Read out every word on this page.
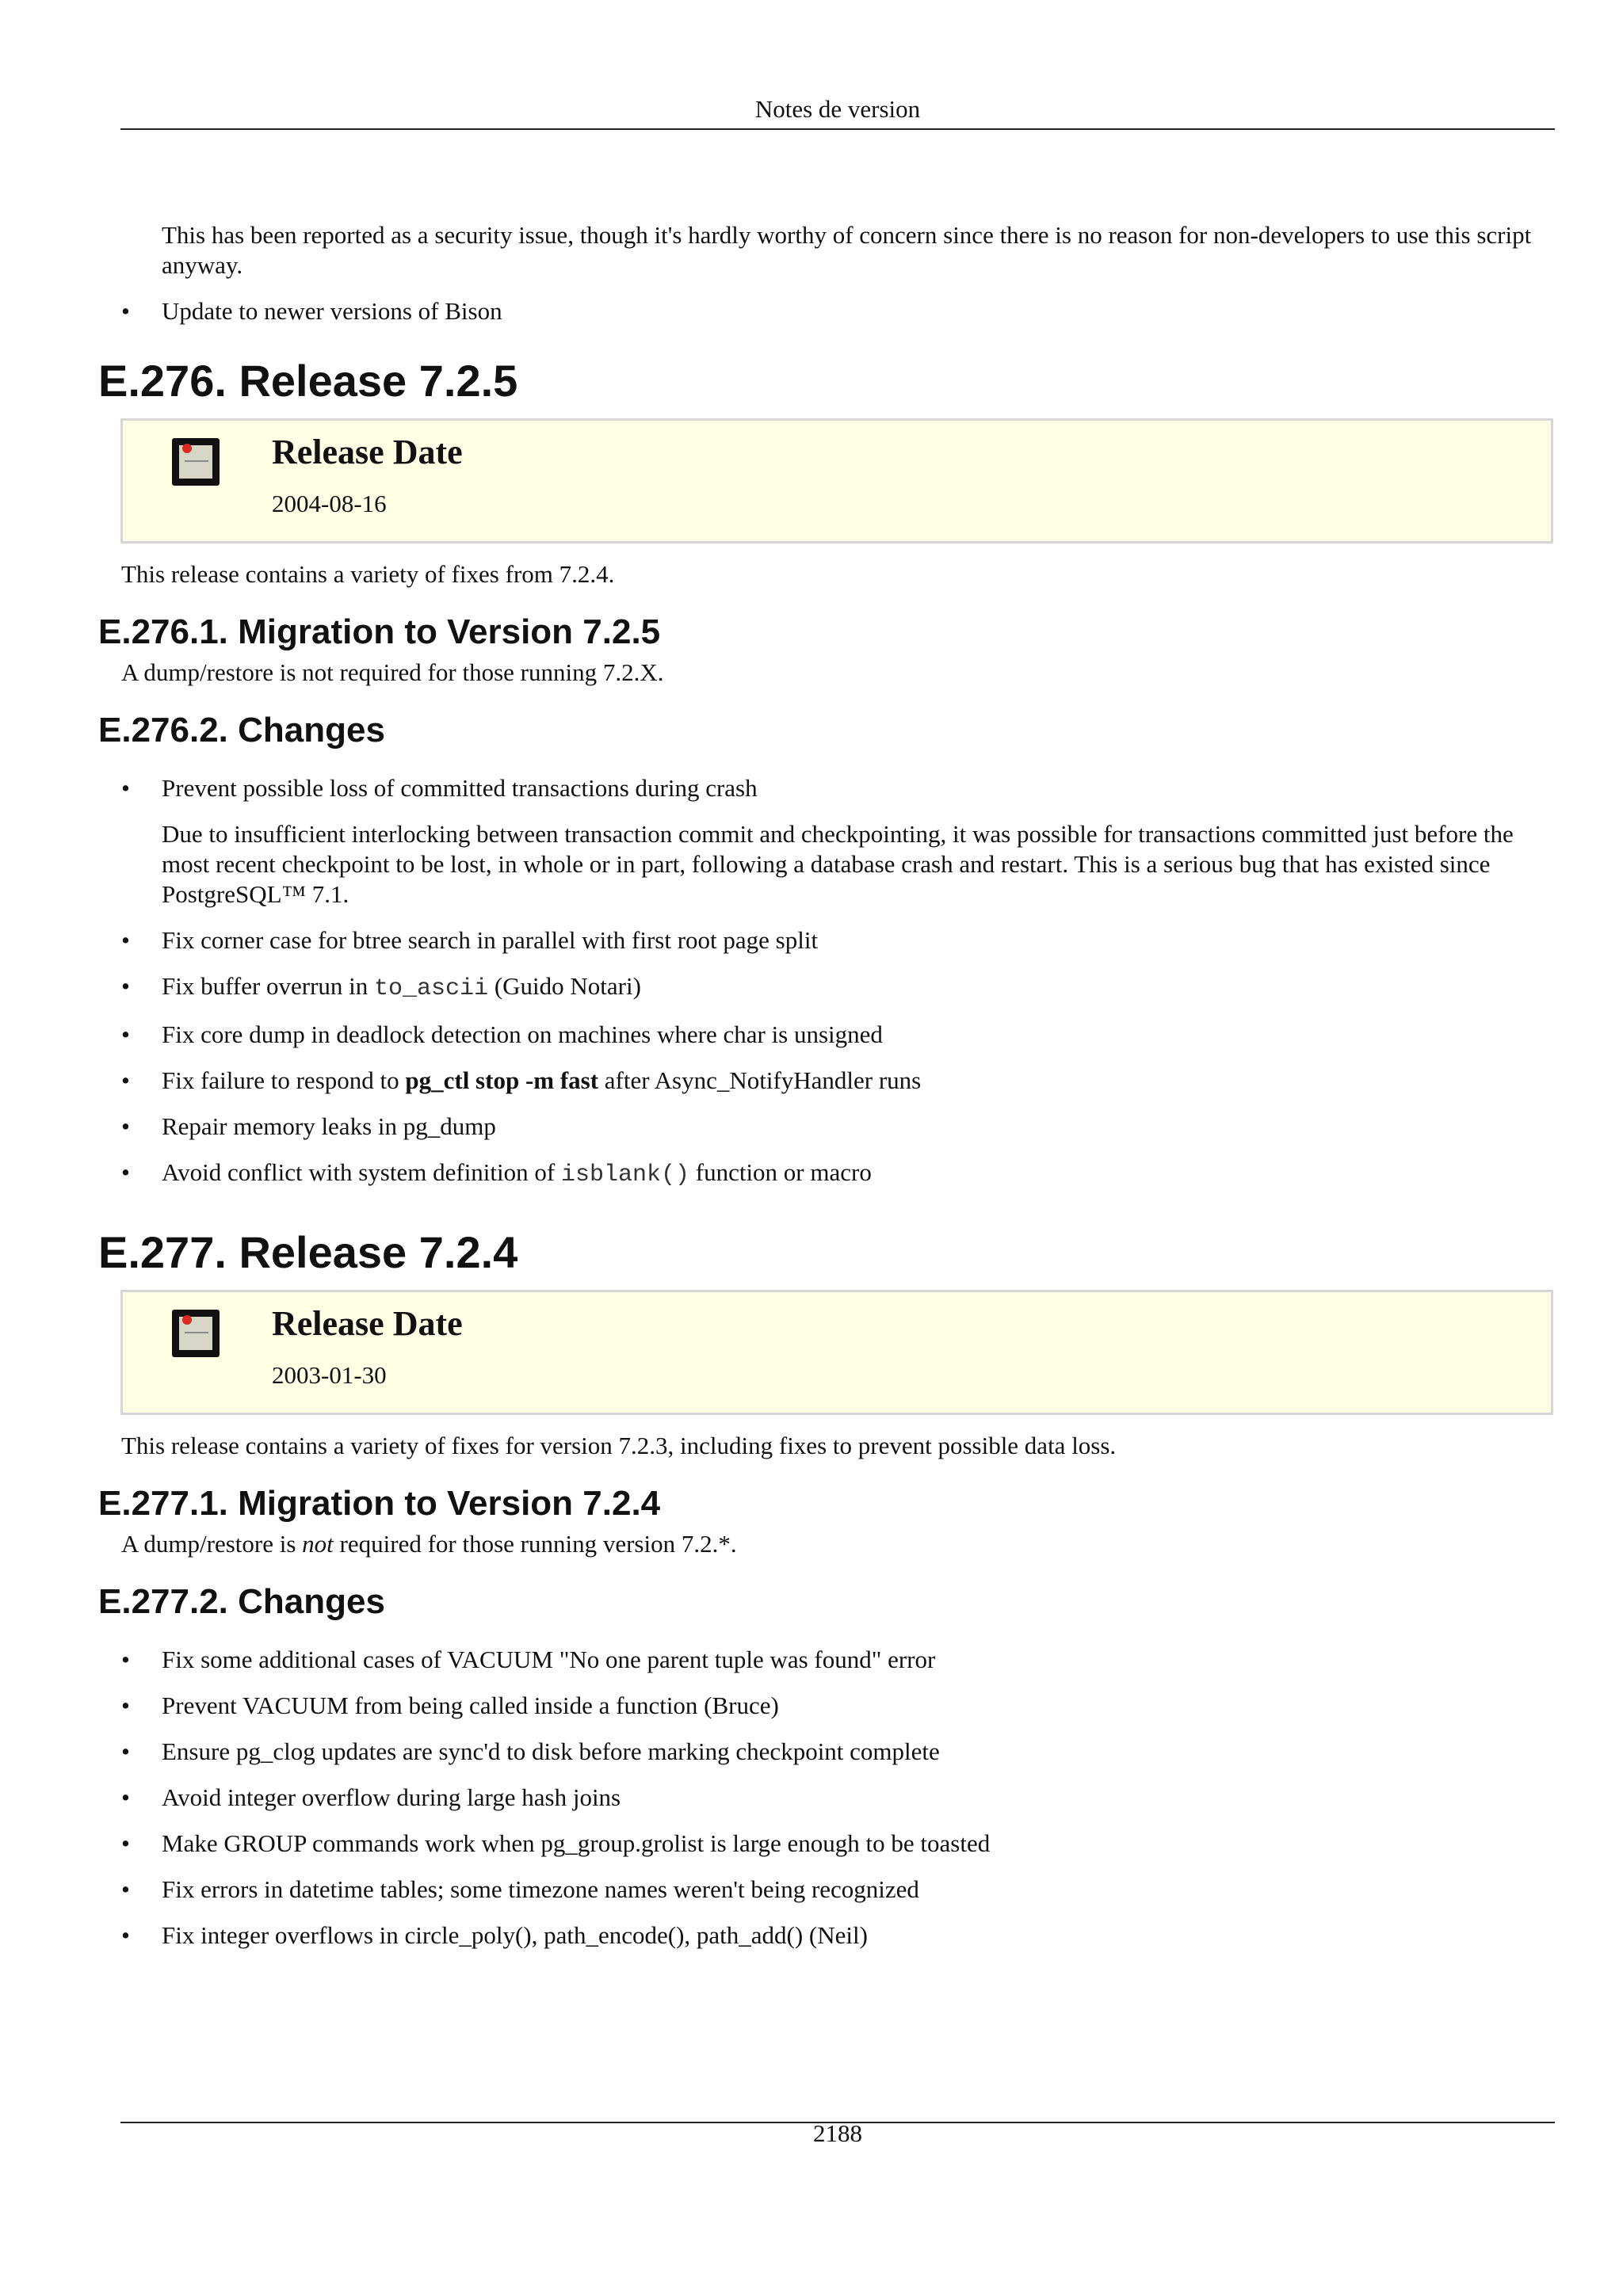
Notes de version

This has been reported as a security issue, though it's hardly worthy of concern since there is no reason for non-developers to use this script anyway.

• Update to newer versions of Bison
E.276. Release 7.2.5
Release Date
2004-08-16

This release contains a variety of fixes from 7.2.4.

E.276.1. Migration to Version 7.2.5

A dump/restore is not required for those running 7.2.X.

E.276.2. Changes
• Prevent possible loss of committed transactions during crash
Due to insufficient interlocking between transaction commit and checkpointing, it was possible for transactions committed just before the most recent checkpoint to be lost, in whole or in part, following a database crash and restart. This is a serious bug that has existed since PostgreSQL™ 7.1.
• Fix corner case for btree search in parallel with first root page split
• Fix buffer overrun in to_ascii (Guido Notari)
• Fix core dump in deadlock detection on machines where char is unsigned
• Fix failure to respond to pg_ctl stop -m fast after Async_NotifyHandler runs
• Repair memory leaks in pg_dump
• Avoid conflict with system definition of isblank() function or macro
E.277. Release 7.2.4
Release Date
2003-01-30

This release contains a variety of fixes for version 7.2.3, including fixes to prevent possible data loss.

E.277.1. Migration to Version 7.2.4

A dump/restore is not required for those running version 7.2.*.

E.277.2. Changes
• Fix some additional cases of VACUUM "No one parent tuple was found" error
• Prevent VACUUM from being called inside a function (Bruce)
• Ensure pg_clog updates are sync'd to disk before marking checkpoint complete
• Avoid integer overflow during large hash joins
• Make GROUP commands work when pg_group.grolist is large enough to be toasted
• Fix errors in datetime tables; some timezone names weren't being recognized
• Fix integer overflows in circle_poly(), path_encode(), path_add() (Neil)
2188
